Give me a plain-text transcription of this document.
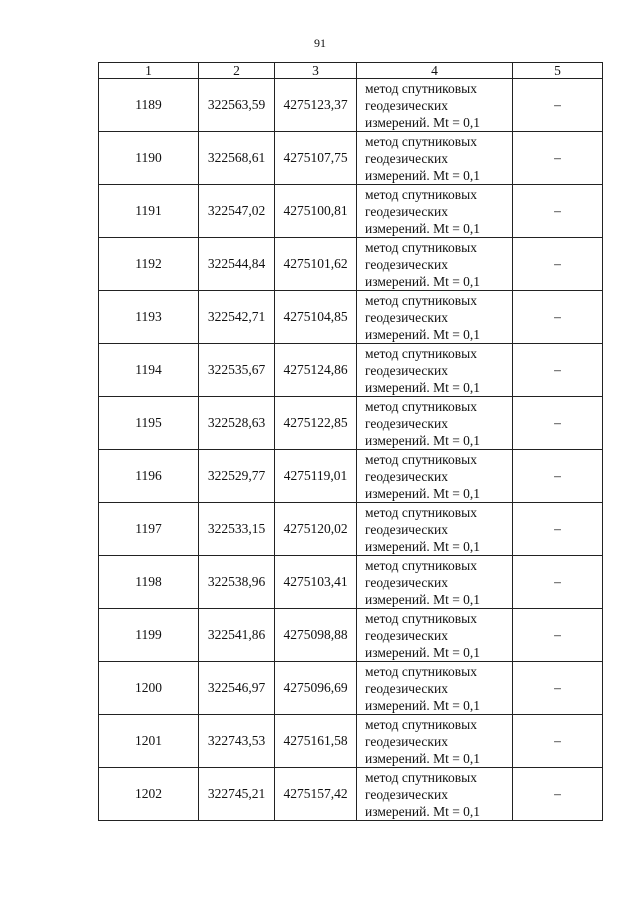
91
1	2	3	4	5
1189	322563,59	4275123,37	метод спутниковых
геодезических
измерений. Mt = 0,1	–
1190	322568,61	4275107,75	метод спутниковых
геодезических
измерений. Mt = 0,1	–
1191	322547,02	4275100,81	метод спутниковых
геодезических
измерений. Mt = 0,1	–
1192	322544,84	4275101,62	метод спутниковых
геодезических
измерений. Mt = 0,1	–
1193	322542,71	4275104,85	метод спутниковых
геодезических
измерений. Mt = 0,1	–
1194	322535,67	4275124,86	метод спутниковых
геодезических
измерений. Mt = 0,1	–
1195	322528,63	4275122,85	метод спутниковых
геодезических
измерений. Mt = 0,1	–
1196	322529,77	4275119,01	метод спутниковых
геодезических
измерений. Mt = 0,1	–
1197	322533,15	4275120,02	метод спутниковых
геодезических
измерений. Mt = 0,1	–
1198	322538,96	4275103,41	метод спутниковых
геодезических
измерений. Mt = 0,1	–
1199	322541,86	4275098,88	метод спутниковых
геодезических
измерений. Mt = 0,1	–
1200	322546,97	4275096,69	метод спутниковых
геодезических
измерений. Mt = 0,1	–
1201	322743,53	4275161,58	метод спутниковых
геодезических
измерений. Mt = 0,1	–
1202	322745,21	4275157,42	метод спутниковых
геодезических
измерений. Mt = 0,1	–
